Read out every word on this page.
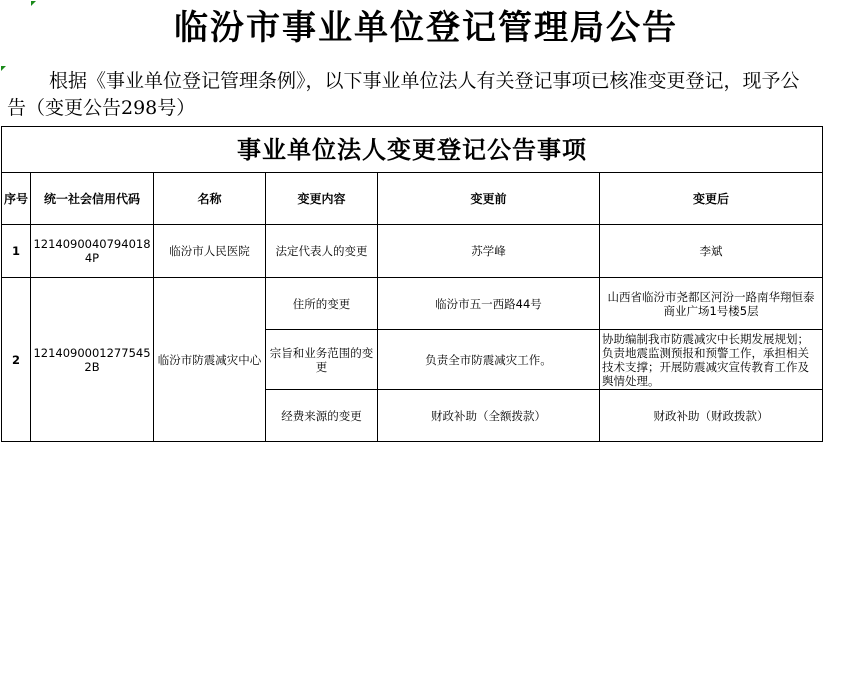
临汾市事业单位登记管理局公告
根据《事业单位登记管理条例》，以下事业单位法人有关登记事项已核准变更登记，现予公告（变更公告298号）
事业单位法人变更登记公告事项					
序号	统一社会信用代码	名称	变更内容	变更前	变更后
1	12140900407940184P	临汾市人民医院	法定代表人的变更	苏学峰	李斌
2	12140900012775452B	临汾市防震减灾中心	住所的变更	临汾市五一西路44号	山西省临汾市尧都区河汾一路南华翔恒泰商业广场1号楼5层
			宗旨和业务范围的变更	负责全市防震减灾工作。	协助编制我市防震减灾中长期发展规划；负责地震监测预报和预警工作，承担相关技术支撑；开展防震减灾宣传教育工作及舆情处理。
			经费来源的变更	财政补助（全额拨款）	财政补助（财政拨款）
